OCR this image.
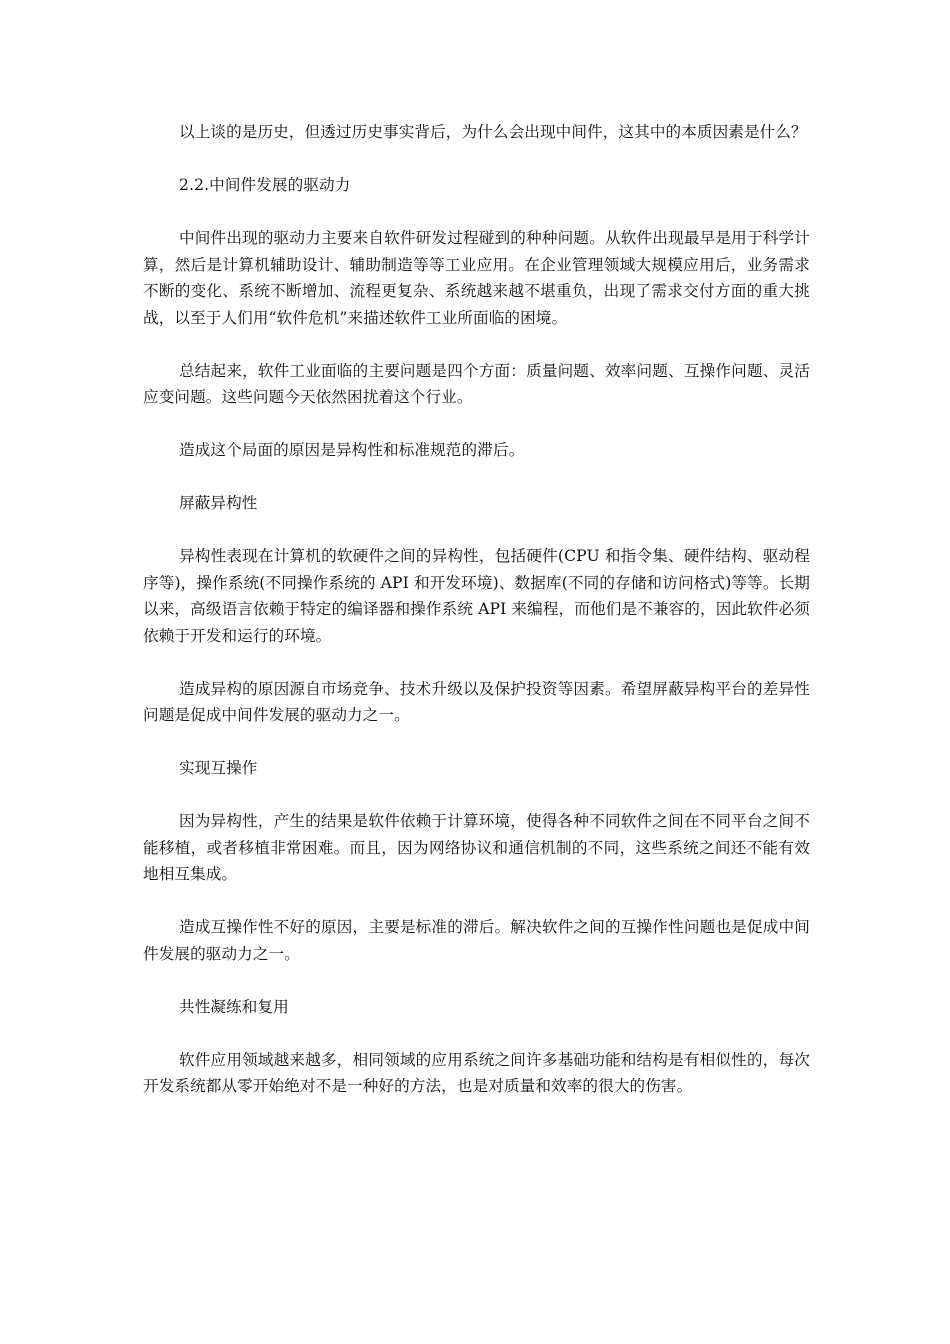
以上谈的是历史，但透过历史事实背后，为什么会出现中间件，这其中的本质因素是什么？

2.2.中间件发展的驱动力

中间件出现的驱动力主要来自软件研发过程碰到的种种问题。从软件出现最早是用于科学计算，然后是计算机辅助设计、辅助制造等等工业应用。在企业管理领域大规模应用后，业务需求不断的变化、系统不断增加、流程更复杂、系统越来越不堪重负，出现了需求交付方面的重大挑战，以至于人们用“软件危机”来描述软件工业所面临的困境。

总结起来，软件工业面临的主要问题是四个方面：质量问题、效率问题、互操作问题、灵活应变问题。这些问题今天依然困扰着这个行业。

造成这个局面的原因是异构性和标准规范的滞后。

屏蔽异构性

异构性表现在计算机的软硬件之间的异构性，包括硬件(CPU 和指令集、硬件结构、驱动程序等)，操作系统(不同操作系统的 API 和开发环境)、数据库(不同的存储和访问格式)等等。长期以来，高级语言依赖于特定的编译器和操作系统 API 来编程，而他们是不兼容的，因此软件必须依赖于开发和运行的环境。

造成异构的原因源自市场竞争、技术升级以及保护投资等因素。希望屏蔽异构平台的差异性问题是促成中间件发展的驱动力之一。

实现互操作

因为异构性，产生的结果是软件依赖于计算环境，使得各种不同软件之间在不同平台之间不能移植，或者移植非常困难。而且，因为网络协议和通信机制的不同，这些系统之间还不能有效地相互集成。

造成互操作性不好的原因，主要是标准的滞后。解决软件之间的互操作性问题也是促成中间件发展的驱动力之一。

共性凝练和复用

软件应用领域越来越多，相同领域的应用系统之间许多基础功能和结构是有相似性的，每次开发系统都从零开始绝对不是一种好的方法，也是对质量和效率的很大的伤害。
